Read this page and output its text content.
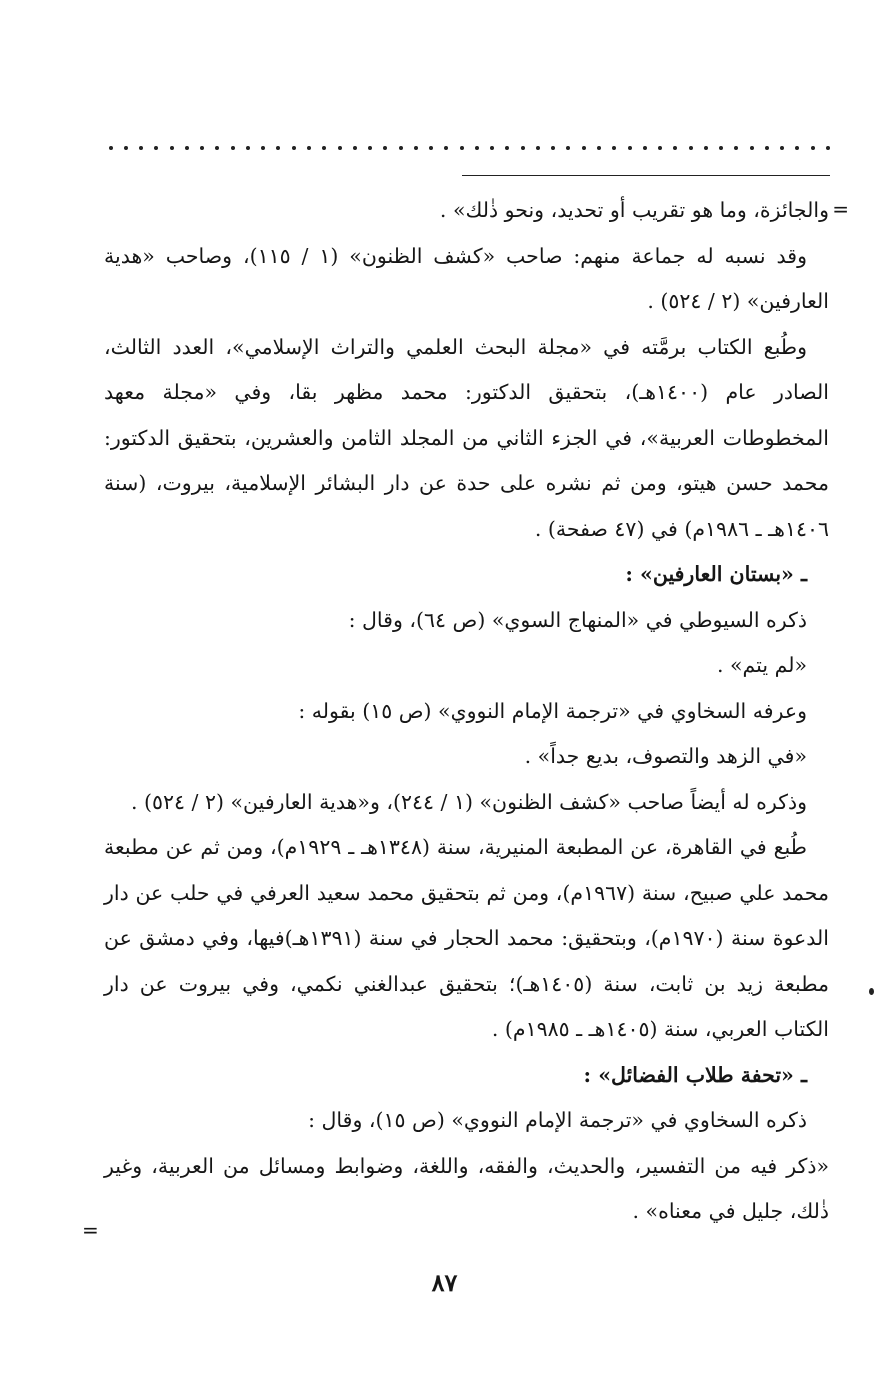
=

والجائزة، وما هو تقريب أو تحديد، ونحو ذٰلك» .

وقد نسبه له جماعة منهم: صاحب «كشف الظنون» (١ / ١١٥)، وصاحب «هدية العارفين» (٢ / ٥٢٤) .

وطُبع الكتاب برمَّته في «مجلة البحث العلمي والتراث الإسلامي»، العدد الثالث، الصادر عام (١٤٠٠هـ)، بتحقيق الدكتور: محمد مظهر بقا، وفي «مجلة معهد المخطوطات العربية»، في الجزء الثاني من المجلد الثامن والعشرين، بتحقيق الدكتور: محمد حسن هيتو، ومن ثم نشره على حدة عن دار البشائر الإسلامية، بيروت، (سنة ١٤٠٦هـ ـ ١٩٨٦م) في (٤٧ صفحة) .

ـ «بستان العارفين» :

ذكره السيوطي في «المنهاج السوي» (ص ٦٤)، وقال :

«لم يتم» .

وعرفه السخاوي في «ترجمة الإمام النووي» (ص ١٥) بقوله :

«في الزهد والتصوف، بديع جداً» .

وذكره له أيضاً صاحب «كشف الظنون» (١ / ٢٤٤)، و«هدية العارفين» (٢ / ٥٢٤) .

طُبع في القاهرة، عن المطبعة المنيرية، سنة (١٣٤٨هـ ـ ١٩٢٩م)، ومن ثم عن مطبعة محمد علي صبيح، سنة (١٩٦٧م)، ومن ثم بتحقيق محمد سعيد العرفي في حلب عن دار الدعوة سنة (١٩٧٠م)، وبتحقيق: محمد الحجار في سنة (١٣٩١هـ)فيها، وفي دمشق عن مطبعة زيد بن ثابت، سنة (١٤٠٥هـ)؛ بتحقيق عبدالغني نكمي، وفي بيروت عن دار الكتاب العربي، سنة (١٤٠٥هـ ـ ١٩٨٥م) .

ـ «تحفة طلاب الفضائل» :

ذكره السخاوي في «ترجمة الإمام النووي» (ص ١٥)، وقال :

«ذكر فيه من التفسير، والحديث، والفقه، واللغة، وضوابط ومسائل من العربية، وغير ذٰلك، جليل في معناه» .

=
٨٧
